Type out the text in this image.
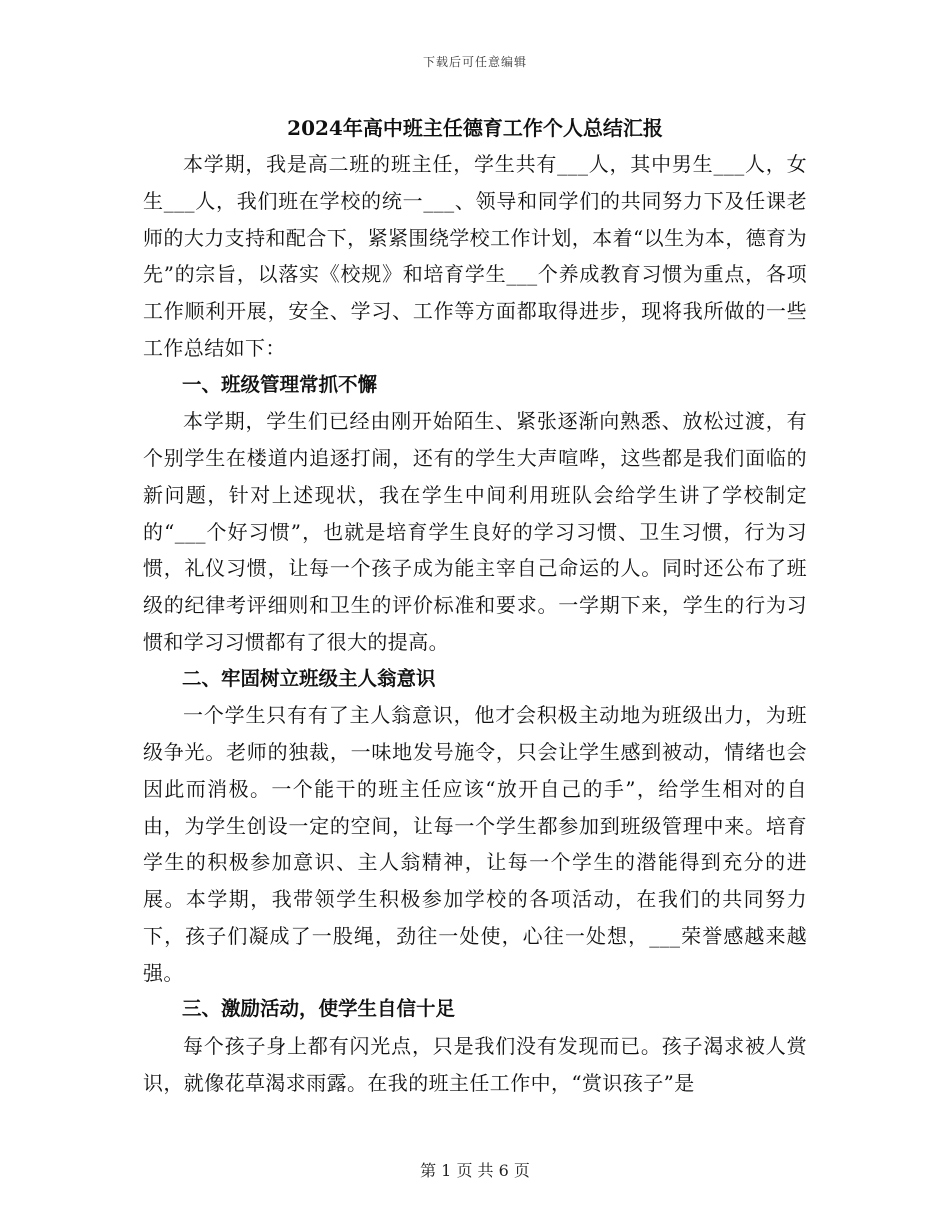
下载后可任意编辑
2024年高中班主任德育工作个人总结汇报

本学期，我是高二班的班主任，学生共有___人，其中男生___人，女生___人，我们班在学校的统一___、领导和同学们的共同努力下及任课老师的大力支持和配合下，紧紧围绕学校工作计划，本着“以生为本，德育为先”的宗旨，以落实《校规》和培育学生___个养成教育习惯为重点，各项工作顺利开展，安全、学习、工作等方面都取得进步，现将我所做的一些工作总结如下：

一、班级管理常抓不懈

本学期，学生们已经由刚开始陌生、紧张逐渐向熟悉、放松过渡，有个别学生在楼道内追逐打闹，还有的学生大声喧哗，这些都是我们面临的新问题，针对上述现状，我在学生中间利用班队会给学生讲了学校制定的“___个好习惯”，也就是培育学生良好的学习习惯、卫生习惯，行为习惯，礼仪习惯，让每一个孩子成为能主宰自己命运的人。同时还公布了班级的纪律考评细则和卫生的评价标准和要求。一学期下来，学生的行为习惯和学习习惯都有了很大的提高。

二、牢固树立班级主人翁意识

一个学生只有有了主人翁意识，他才会积极主动地为班级出力，为班级争光。老师的独裁，一味地发号施令，只会让学生感到被动，情绪也会因此而消极。一个能干的班主任应该“放开自己的手”，给学生相对的自由，为学生创设一定的空间，让每一个学生都参加到班级管理中来。培育学生的积极参加意识、主人翁精神，让每一个学生的潜能得到充分的进展。本学期，我带领学生积极参加学校的各项活动，在我们的共同努力下，孩子们凝成了一股绳，劲往一处使，心往一处想，___荣誉感越来越强。

三、激励活动，使学生自信十足

每个孩子身上都有闪光点，只是我们没有发现而已。孩子渴求被人赏识，就像花草渴求雨露。在我的班主任工作中，“赏识孩子”是

第 1 页 共 6 页
